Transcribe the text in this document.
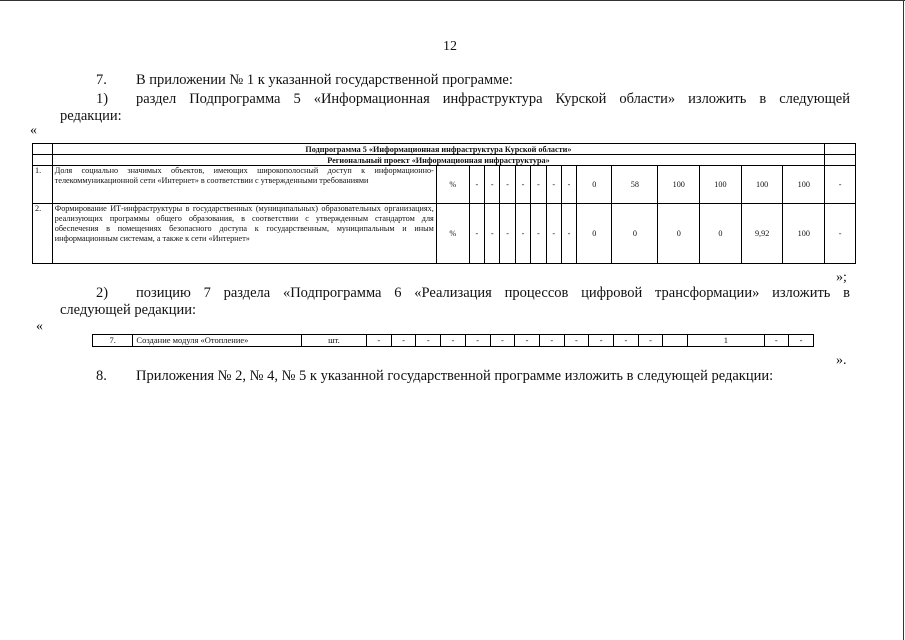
12
7. В приложении № 1 к указанной государственной программе:
1) раздел Подпрограмма 5 «Информационная инфраструктура Курской области» изложить в следующей
редакции:
«
	Подпрограмма 5 «Информационная инфраструктура Курской области»															
	Региональный проект «Информационная инфраструктура»															
1.	Доля социально значимых объектов, имеющих широкополосный доступ к информационно-телекоммуникационной сети «Интернет» в соответствии с утвержденными требованиями	%	-	-	-	-	-	-	-	0	58	100	100	100	100	-
2.	Формирование ИТ-инфраструктуры в государственных (муниципальных) образовательных организациях, реализующих программы общего образования, в соответствии с утвержденным стандартом для обеспечения в помещениях безопасного доступа к государственным, муниципальным и иным информационным системам, а также к сети «Интернет»	%	-	-	-	-	-	-	-	0	0	0	0	9,92	100	-
»;
2) позицию 7 раздела «Подпрограмма 6 «Реализация процессов цифровой трансформации» изложить в
следующей редакции:
«
7.	Создание модуля «Отопление»	шт.	-	-	-	-	-	-	-	-	-	-	-	-		1	-	-
».
8. Приложения № 2, № 4, № 5 к указанной государственной программе изложить в следующей редакции:
